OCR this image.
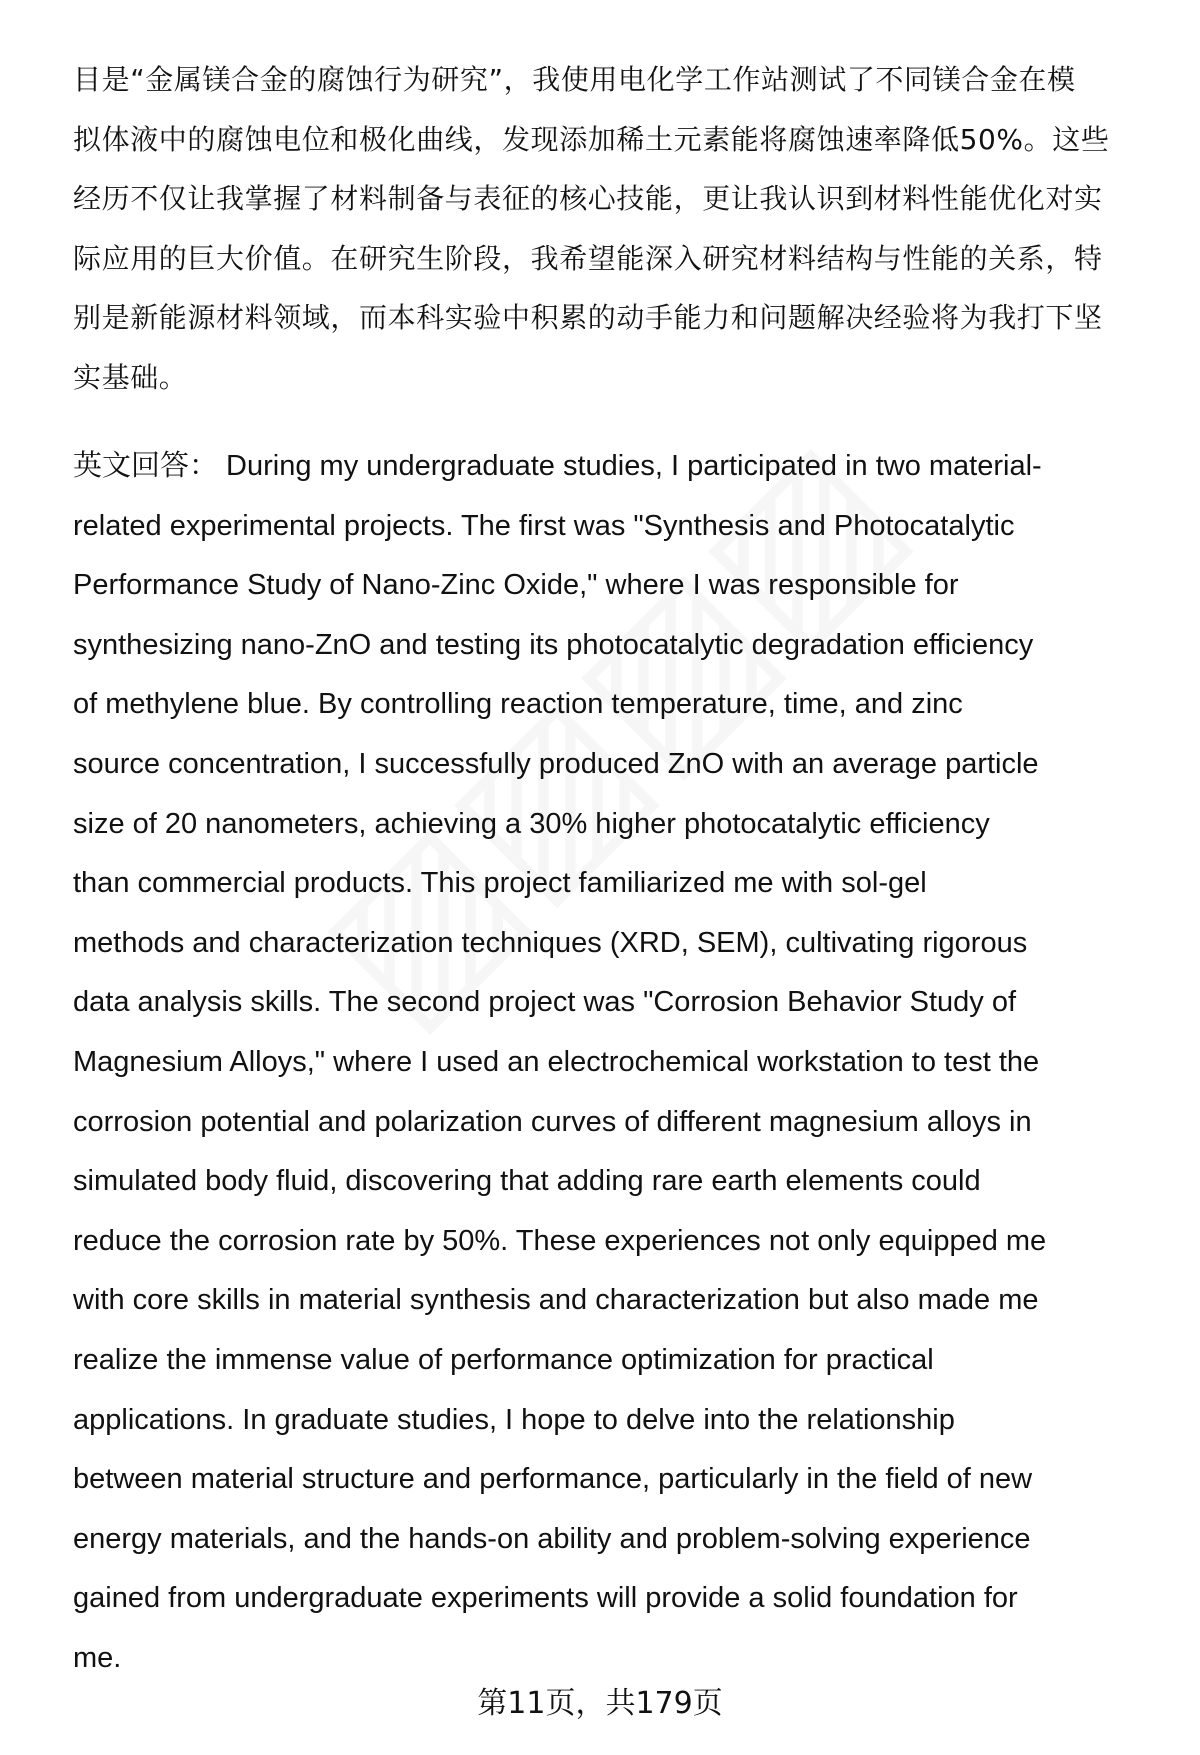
目是“金属镁合金的腐蚀行为研究”，我使用电化学工作站测试了不同镁合金在模
拟体液中的腐蚀电位和极化曲线，发现添加稀土元素能将腐蚀速率降低50%。这些
经历不仅让我掌握了材料制备与表征的核心技能，更让我认识到材料性能优化对实
际应用的巨大价值。在研究生阶段，我希望能深入研究材料结构与性能的关系，特
别是新能源材料领域，而本科实验中积累的动手能力和问题解决经验将为我打下坚
实基础。
英文回答： During my undergraduate studies, I participated in two material-
related experimental projects. The first was "Synthesis and Photocatalytic
Performance Study of Nano-Zinc Oxide," where I was responsible for
synthesizing nano-ZnO and testing its photocatalytic degradation efficiency
of methylene blue. By controlling reaction temperature, time, and zinc
source concentration, I successfully produced ZnO with an average particle
size of 20 nanometers, achieving a 30% higher photocatalytic efficiency
than commercial products. This project familiarized me with sol-gel
methods and characterization techniques (XRD, SEM), cultivating rigorous
data analysis skills. The second project was "Corrosion Behavior Study of
Magnesium Alloys," where I used an electrochemical workstation to test the
corrosion potential and polarization curves of different magnesium alloys in
simulated body fluid, discovering that adding rare earth elements could
reduce the corrosion rate by 50%. These experiences not only equipped me
with core skills in material synthesis and characterization but also made me
realize the immense value of performance optimization for practical
applications. In graduate studies, I hope to delve into the relationship
between material structure and performance, particularly in the field of new
energy materials, and the hands-on ability and problem-solving experience
gained from undergraduate experiments will provide a solid foundation for
me.
第11页，共179页
